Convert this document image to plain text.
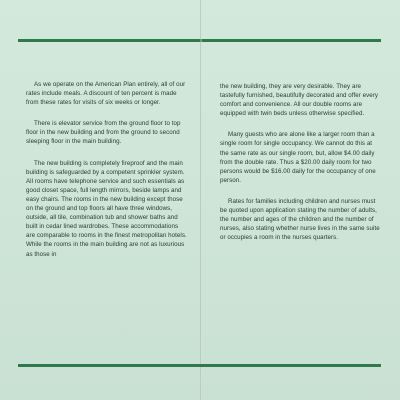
As we operate on the American Plan entirely, all of our rates include meals. A discount of ten percent is made from these rates for visits of six weeks or longer.

There is elevator service from the ground floor to top floor in the new building and from the ground to second sleeping floor in the main building.

The new building is completely fireproof and the main building is safeguarded by a competent sprinkler system. All rooms have telephone service and such essentials as good closet space, full length mirrors, beside lamps and easy chairs. The rooms in the new building except those on the ground and top floors all have three windows, outside, all tile, combination tub and shower baths and built in cedar lined wardrobes. These accommodations are comparable to rooms in the finest metropolitan hotels. While the rooms in the main building are not as luxurious as those in

the new building, they are very desirable. They are tastefully furnished, beautifully decorated and offer every comfort and convenience. All our double rooms are equipped with twin beds unless otherwise specified.

Many guests who are alone like a larger room than a single room for single occupancy. We cannot do this at the same rate as our single room, but, allow $4.00 daily from the double rate. Thus a $20.00 daily room for two persons would be $16.00 daily for the occupancy of one person.

Rates for families including children and nurses must be quoted upon application stating the number of adults, the number and ages of the children and the number of nurses, also stating whether nurse lives in the same suite or occupies a room in the nurses quarters.
